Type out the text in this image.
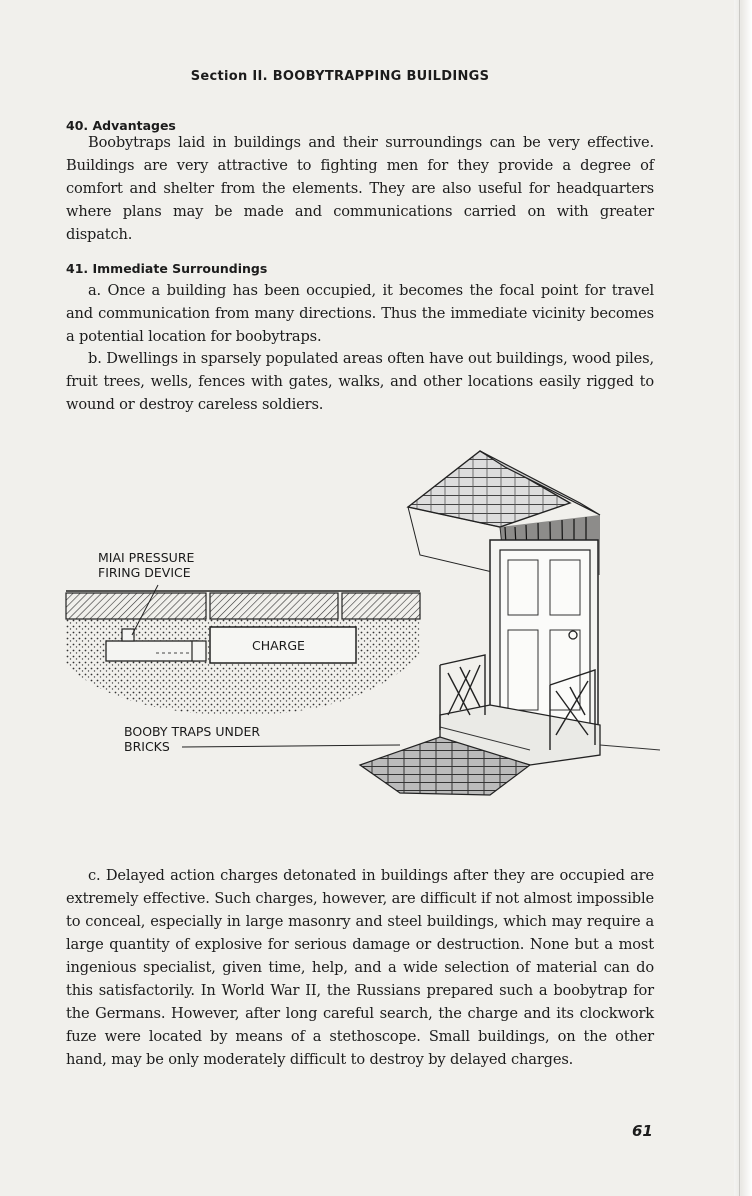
Section II. BOOBYTRAPPING BUILDINGS
40. Advantages

Boobytraps laid in buildings and their surroundings can be very effective. Buildings are very attractive to fighting men for they provide a degree of comfort and shelter from the elements. They are also useful for headquarters where plans may be made and communications carried on with greater dispatch.

41. Immediate Surroundings

a. Once a building has been occupied, it becomes the focal point for travel and communication from many directions. Thus the immediate vicinity becomes a potential location for boobytraps.

b. Dwellings in sparsely populated areas often have out buildings, wood piles, fruit trees, wells, fences with gates, walks, and other locations easily rigged to wound or destroy careless soldiers.

MIAI PRESSURE
FIRING DEVICE
CHARGE
BOOBY TRAPS UNDER
BRICKS

c. Delayed action charges detonated in buildings after they are occupied are extremely effective. Such charges, however, are difficult if not almost impossible to conceal, especially in large masonry and steel buildings, which may require a large quantity of explosive for serious damage or destruction. None but a most ingenious specialist, given time, help, and a wide selection of material can do this satisfactorily. In World War II, the Russians prepared such a boobytrap for the Germans. However, after long careful search, the charge and its clockwork fuze were located by means of a stethoscope. Small buildings, on the other hand, may be only moderately difficult to destroy by delayed charges.

61
